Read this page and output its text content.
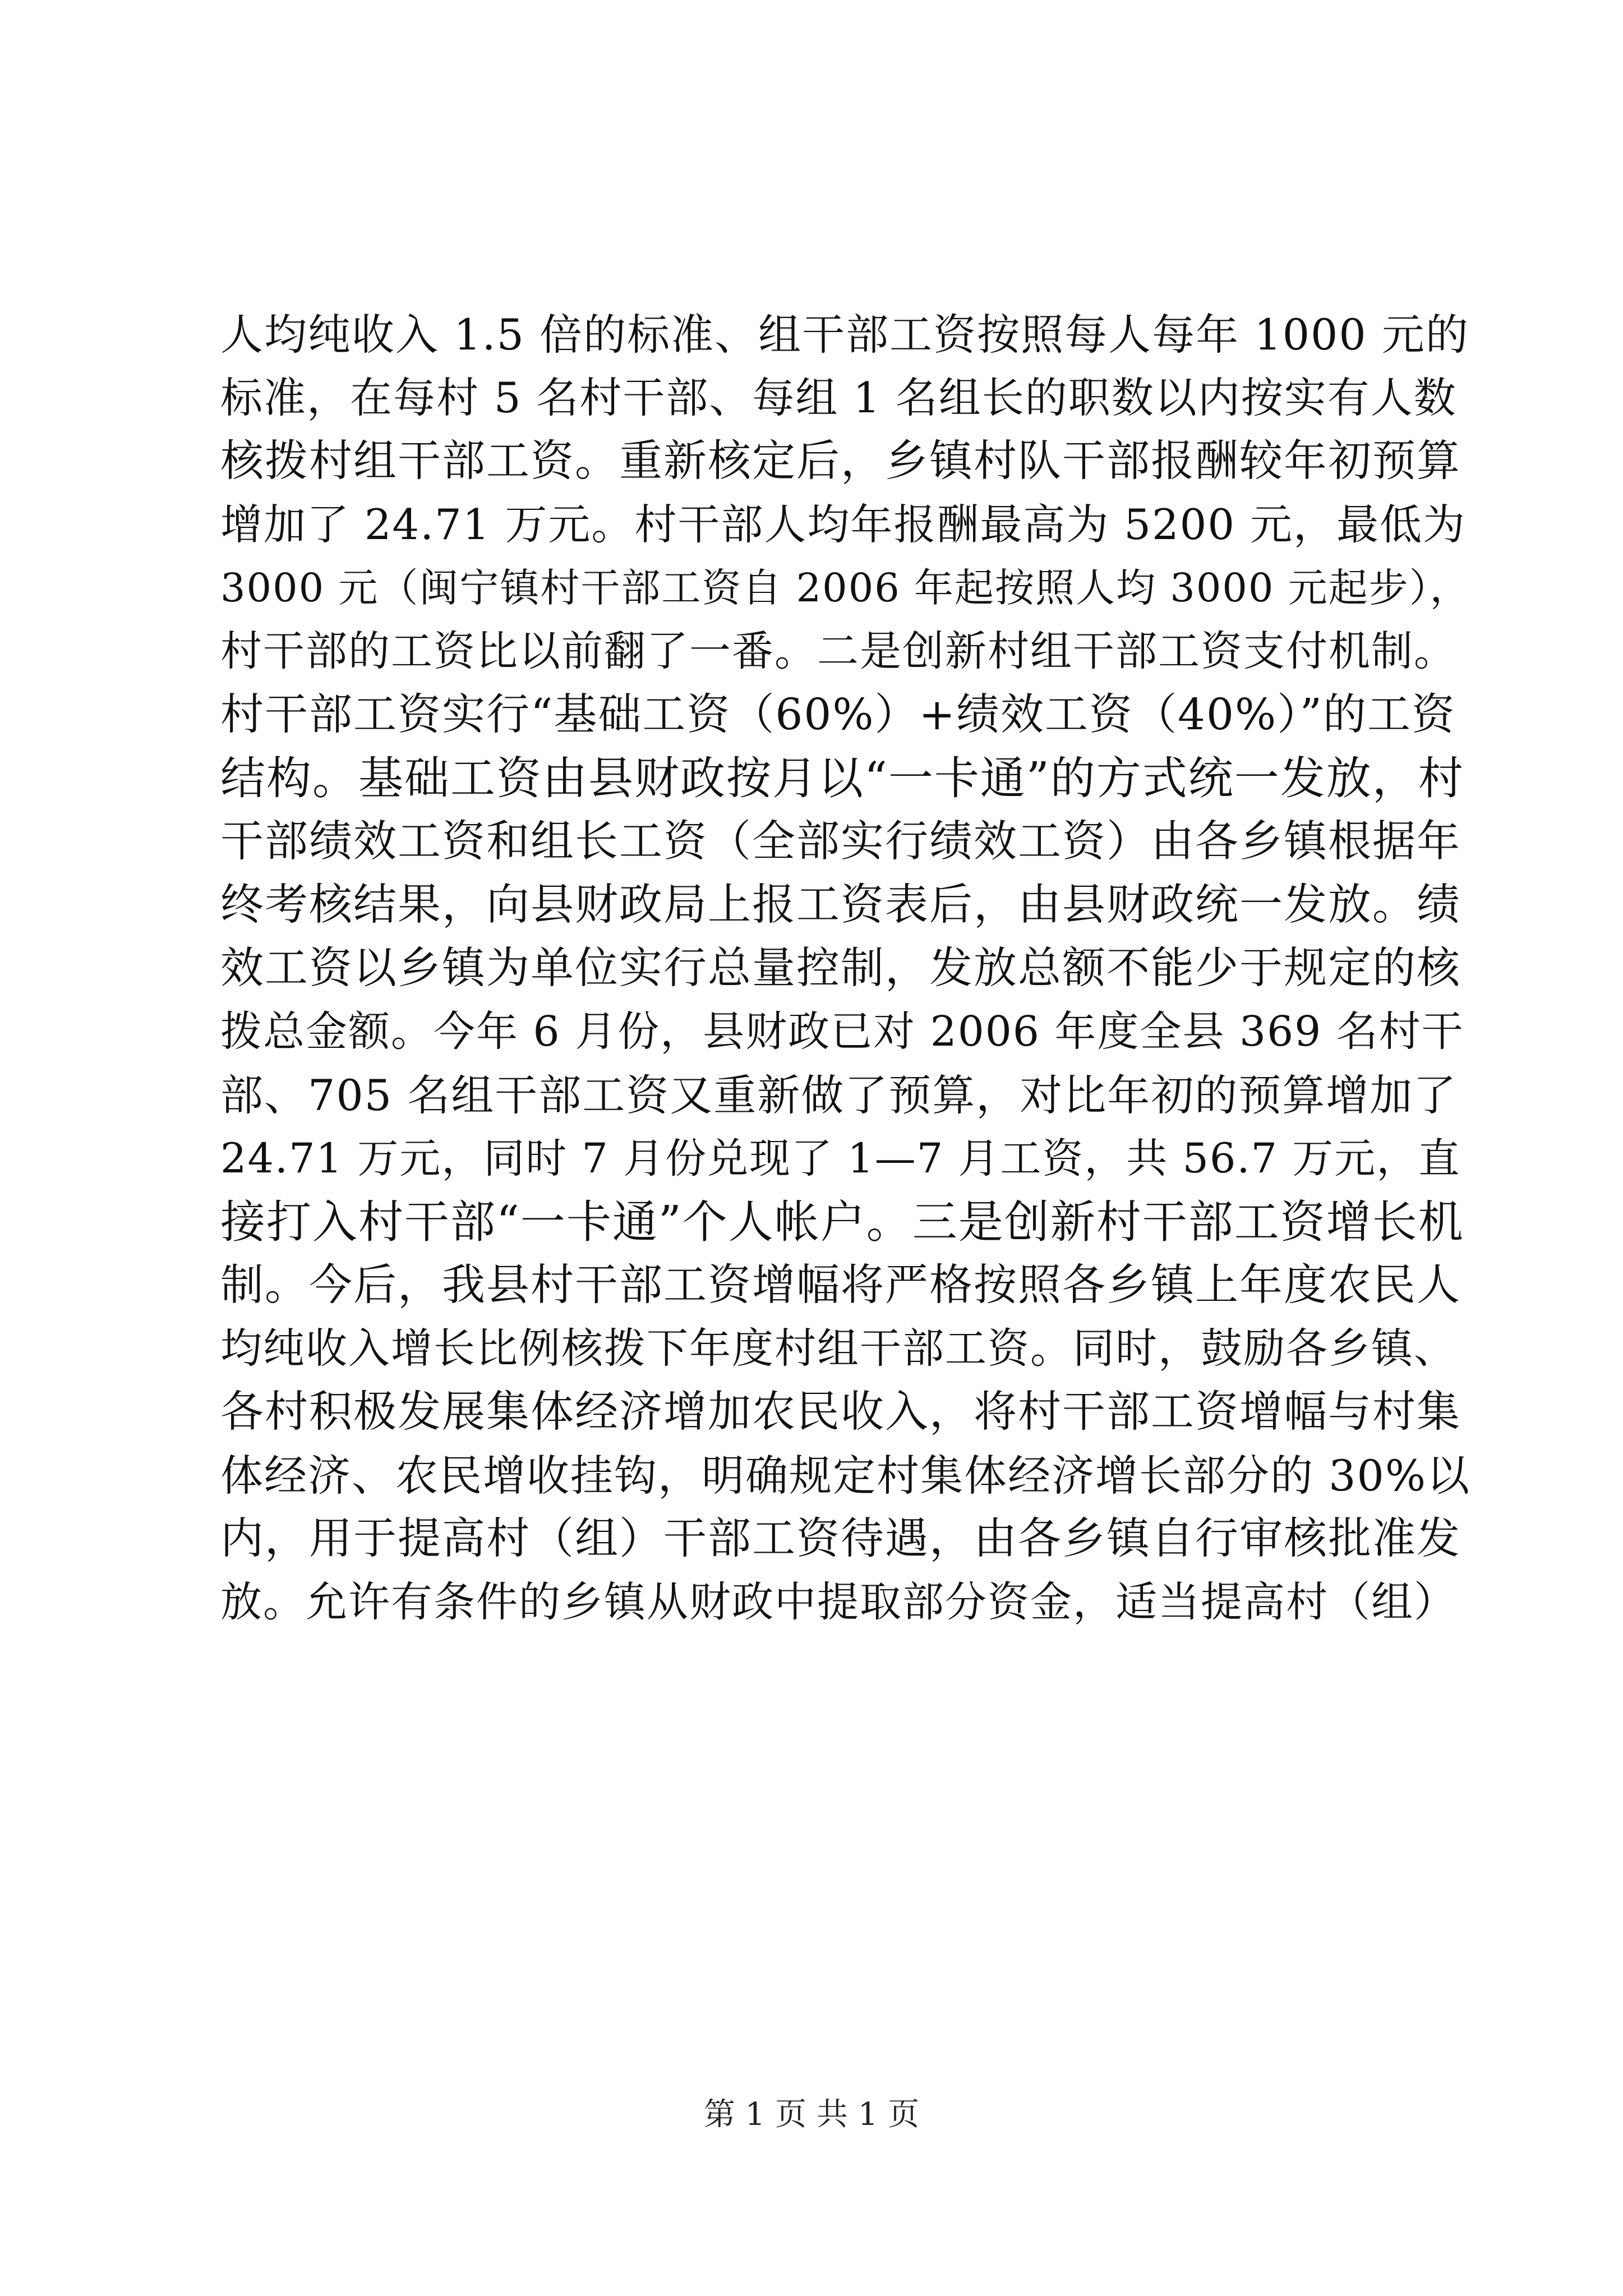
人均纯收入 1.5 倍的标准、组干部工资按照每人每年 1000 元的
标准，在每村 5 名村干部、每组 1 名组长的职数以内按实有人数
核拨村组干部工资。重新核定后，乡镇村队干部报酬较年初预算
增加了 24.71 万元。村干部人均年报酬最高为 5200 元，最低为
3000 元（闽宁镇村干部工资自 2006 年起按照人均 3000 元起步），
村干部的工资比以前翻了一番。二是创新村组干部工资支付机制。
村干部工资实行“基础工资（60%）+绩效工资（40%）”的工资
结构。基础工资由县财政按月以“一卡通”的方式统一发放，村
干部绩效工资和组长工资（全部实行绩效工资）由各乡镇根据年
终考核结果，向县财政局上报工资表后，由县财政统一发放。绩
效工资以乡镇为单位实行总量控制，发放总额不能少于规定的核
拨总金额。今年 6 月份，县财政已对 2006 年度全县 369 名村干
部、705 名组干部工资又重新做了预算，对比年初的预算增加了
24.71 万元，同时 7 月份兑现了 1—7 月工资，共 56.7 万元，直
接打入村干部“一卡通”个人帐户。三是创新村干部工资增长机
制。今后，我县村干部工资增幅将严格按照各乡镇上年度农民人
均纯收入增长比例核拨下年度村组干部工资。同时，鼓励各乡镇、
各村积极发展集体经济增加农民收入，将村干部工资增幅与村集
体经济、农民增收挂钩，明确规定村集体经济增长部分的 30%以
内，用于提高村（组）干部工资待遇，由各乡镇自行审核批准发
放。允许有条件的乡镇从财政中提取部分资金，适当提高村（组）
第 1 页 共 1 页
